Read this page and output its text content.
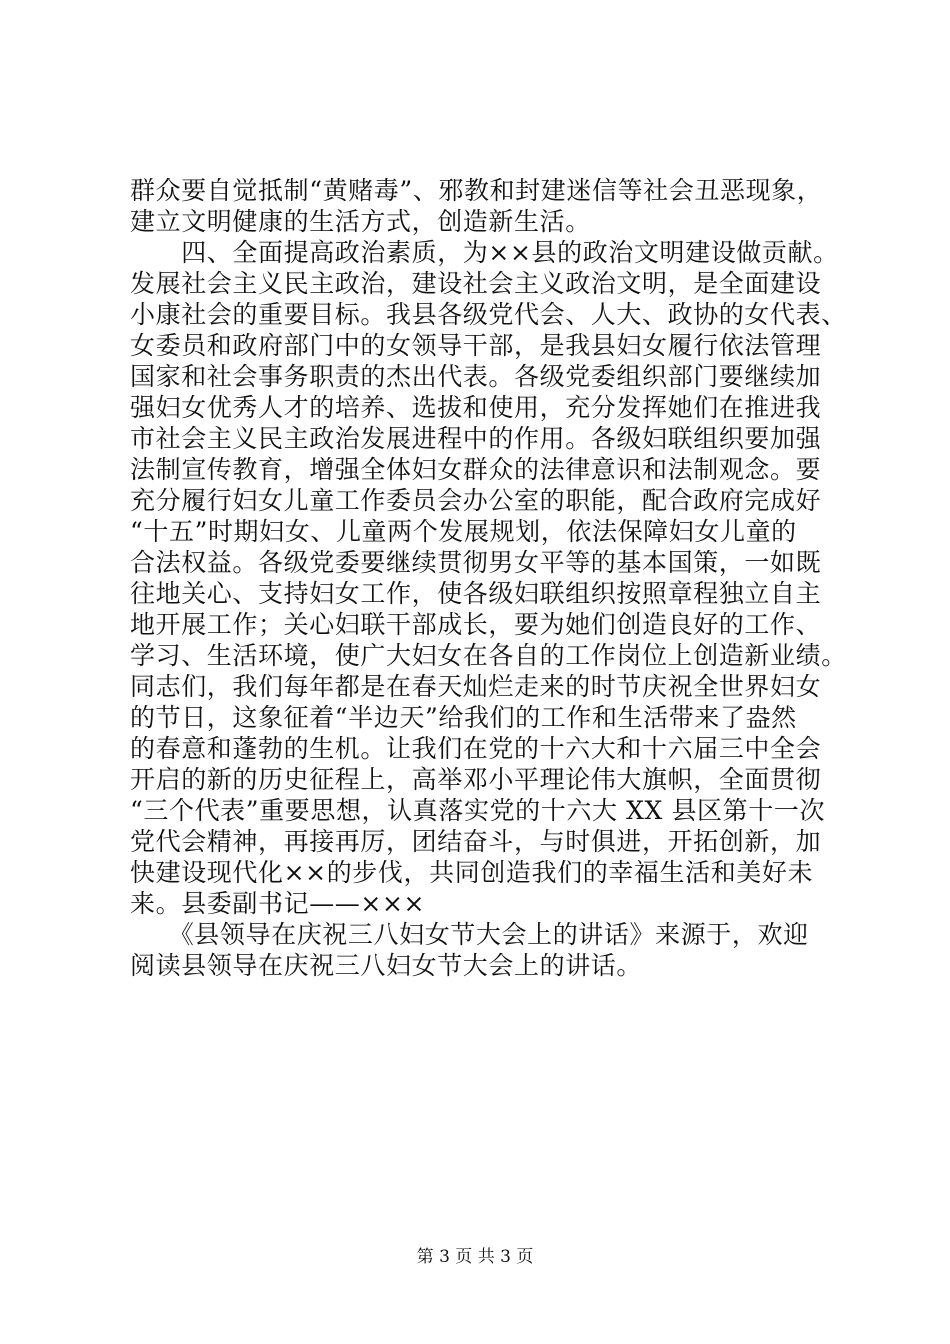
群众要自觉抵制“黄赌毒”、邪教和封建迷信等社会丑恶现象，
建立文明健康的生活方式，创造新生活。
　　四、全面提高政治素质，为××县的政治文明建设做贡献。
发展社会主义民主政治，建设社会主义政治文明，是全面建设
小康社会的重要目标。我县各级党代会、人大、政协的女代表、
女委员和政府部门中的女领导干部，是我县妇女履行依法管理
国家和社会事务职责的杰出代表。各级党委组织部门要继续加
强妇女优秀人才的培养、选拔和使用，充分发挥她们在推进我
市社会主义民主政治发展进程中的作用。各级妇联组织要加强
法制宣传教育，增强全体妇女群众的法律意识和法制观念。要
充分履行妇女儿童工作委员会办公室的职能，配合政府完成好
“十五”时期妇女、儿童两个发展规划，依法保障妇女儿童的
合法权益。各级党委要继续贯彻男女平等的基本国策，一如既
往地关心、支持妇女工作，使各级妇联组织按照章程独立自主
地开展工作；关心妇联干部成长，要为她们创造良好的工作、
学习、生活环境，使广大妇女在各自的工作岗位上创造新业绩。
同志们，我们每年都是在春天灿烂走来的时节庆祝全世界妇女
的节日，这象征着“半边天”给我们的工作和生活带来了盎然
的春意和蓬勃的生机。让我们在党的十六大和十六届三中全会
开启的新的历史征程上，高举邓小平理论伟大旗帜，全面贯彻
“三个代表”重要思想，认真落实党的十六大 XX 县区第十一次
党代会精神，再接再厉，团结奋斗，与时俱进，开拓创新，加
快建设现代化××的步伐，共同创造我们的幸福生活和美好未
来。县委副书记——×××
　　《县领导在庆祝三八妇女节大会上的讲话》来源于，欢迎
阅读县领导在庆祝三八妇女节大会上的讲话。
第 3 页 共 3 页
